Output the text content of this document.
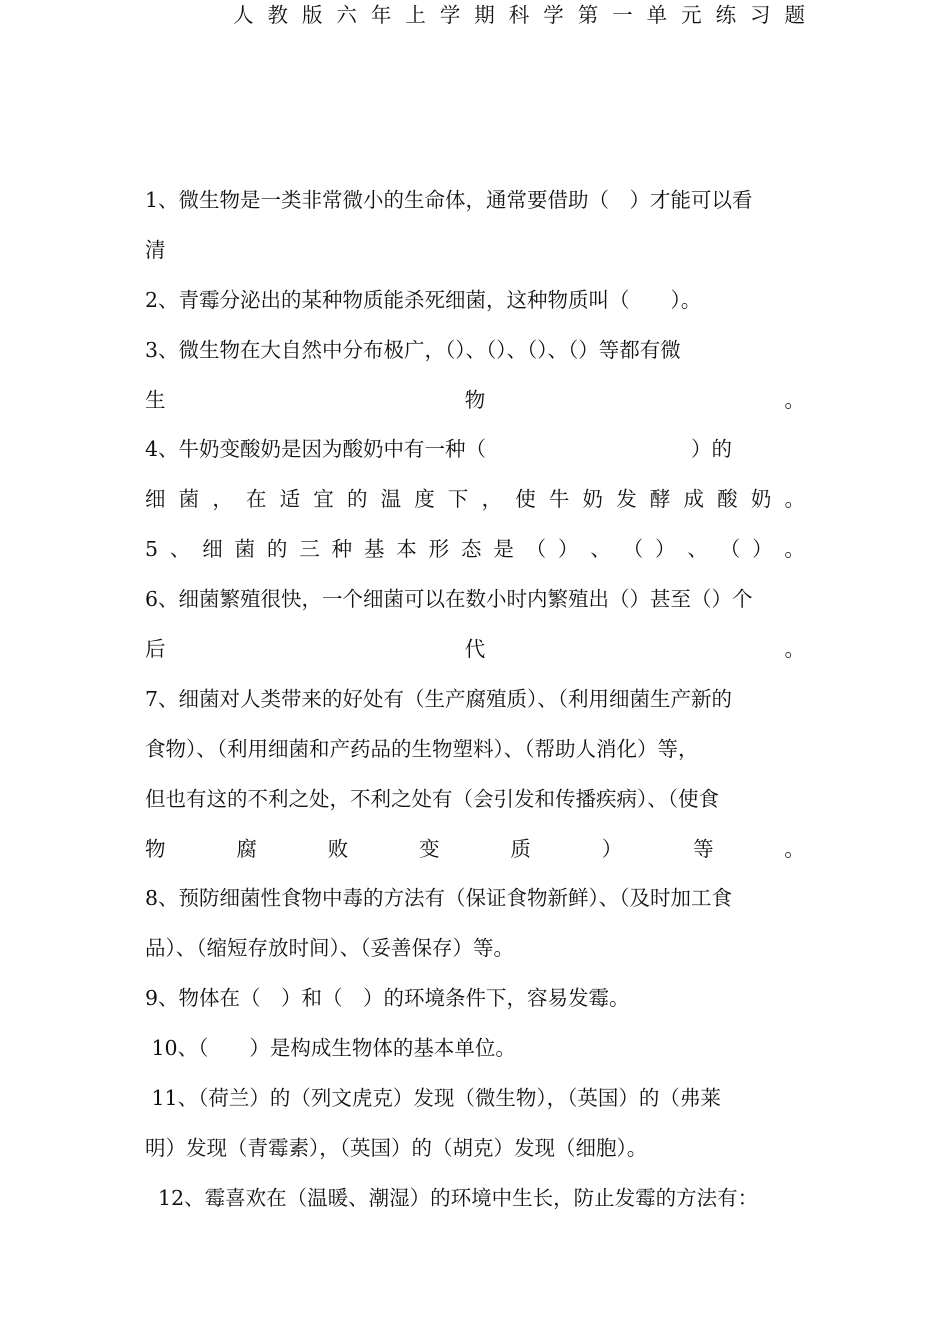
人 教 版 六 年 上 学 期 科 学 第 一 单 元 练 习 题
1、微生物是一类非常微小的生命体，通常要借助（　）才能可以看
清
2、青霉分泌出的某种物质能杀死细菌，这种物质叫（　　）。
3、微生物在大自然中分布极广，（）、（）、（）、（）等都有微
生	物	。
4、牛奶变酸奶是因为酸奶中有一种（　　　　　　　　　　）的
细 菌 ， 在 适 宜 的 温 度 下 ， 使 牛 奶 发 酵 成 酸 奶 。
5 、 细 菌 的 三 种 基 本 形 态 是 （ ） 、 （ ） 、 （ ） 。
6、细菌繁殖很快，一个细菌可以在数小时内繁殖出（）甚至（）个
后	代	。
7、细菌对人类带来的好处有（生产腐殖质）、（利用细菌生产新的
食物）、（利用细菌和产药品的生物塑料）、（帮助人消化）等，
但也有这的不利之处，不利之处有（会引发和传播疾病）、（使食
物	腐	败	变	质	）	等	。
8、预防细菌性食物中毒的方法有（保证食物新鲜）、（及时加工食
品）、（缩短存放时间）、（妥善保存）等。
9、物体在（　）和（　）的环境条件下，容易发霉。
10、（　　）是构成生物体的基本单位。
11、（荷兰）的（列文虎克）发现（微生物），（英国）的（弗莱
明）发现（青霉素），（英国）的（胡克）发现（细胞）。
12、霉喜欢在（温暖、潮湿）的环境中生长，防止发霉的方法有：
